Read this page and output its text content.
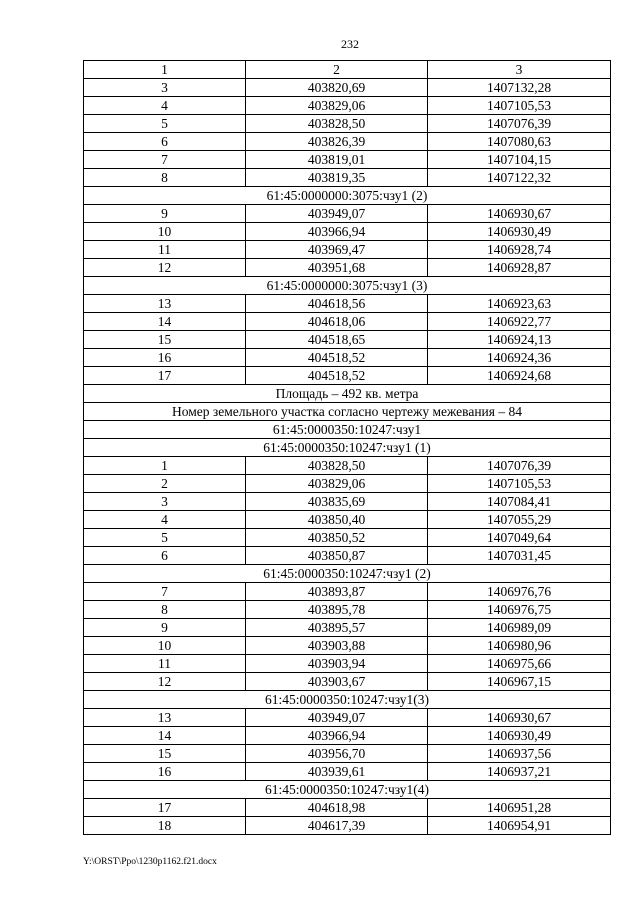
232
1	2	3
3	403820,69	1407132,28
4	403829,06	1407105,53
5	403828,50	1407076,39
6	403826,39	1407080,63
7	403819,01	1407104,15
8	403819,35	1407122,32
61:45:0000000:3075:чзу1 (2)		
9	403949,07	1406930,67
10	403966,94	1406930,49
11	403969,47	1406928,74
12	403951,68	1406928,87
61:45:0000000:3075:чзу1 (3)		
13	404618,56	1406923,63
14	404618,06	1406922,77
15	404518,65	1406924,13
16	404518,52	1406924,36
17	404518,52	1406924,68
Площадь – 492 кв. метра		
Номер земельного участка согласно чертежу межевания – 84		
61:45:0000350:10247:чзу1		
61:45:0000350:10247:чзу1 (1)		
1	403828,50	1407076,39
2	403829,06	1407105,53
3	403835,69	1407084,41
4	403850,40	1407055,29
5	403850,52	1407049,64
6	403850,87	1407031,45
61:45:0000350:10247:чзу1 (2)		
7	403893,87	1406976,76
8	403895,78	1406976,75
9	403895,57	1406989,09
10	403903,88	1406980,96
11	403903,94	1406975,66
12	403903,67	1406967,15
61:45:0000350:10247:чзу1(3)		
13	403949,07	1406930,67
14	403966,94	1406930,49
15	403956,70	1406937,56
16	403939,61	1406937,21
61:45:0000350:10247:чзу1(4)		
17	404618,98	1406951,28
18	404617,39	1406954,91
Y:\ORST\Ppo\1230p1162.f21.docx
